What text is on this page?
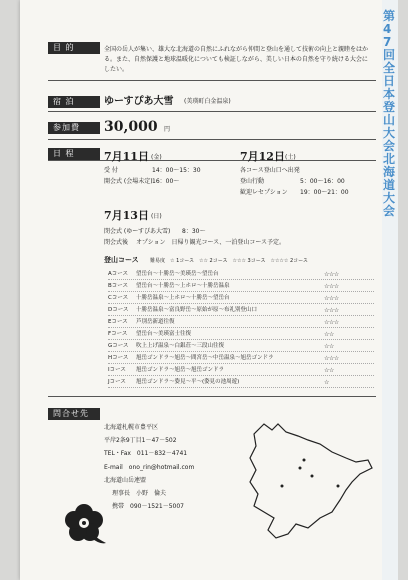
第47回全日本登山大会 北海道大会
目 的	全国の岳人が集い、雄大な北海道の自然にふれながら仲間と登山を通して技術の向上と親睦をはかる。また、自然保護と地球温暖化についても検証しながら、美しい日本の自然を守り続ける大会にしたい。
宿 泊	ゆーすぴあ大雪 (美瑛町白金温泉)
参加費	30,000 円
日 程	7月11日 (金)
受 付	14：00～15：30
開会式 (会場未定) 16：00～
7月12日 (土)
各コース登山口へ出発
登山行動	5：00～16：00
歓迎レセプション 19：00～21：00
7月13日 (日)
閉会式 (ゆーすぴあ大雪) 8：30～
閉会式後 オプション　日帰り観光コース、一泊登山コース予定。
登山コース 難易度　☆ 1コース　☆☆ 2コース　☆☆☆ 3コース　☆☆☆☆ 2コース
Aコース 望岳台～十勝岳～美瑛岳～望岳台	☆☆☆
Bコース 望岳台～十勝岳～上ホロ～十勝岳温泉	☆☆☆
Cコース 十勝岳温泉～上ホロ～十勝岳～望岳台	☆☆☆
Dコース 十勝岳温泉～富良野岳～原始が原～布礼別登山口	☆☆☆
Eコース 芦別岳新道往復	☆☆☆
Fコース 望岳台～美瑛富士往復	☆☆
Gコース 吹上上げ温泉～白銀荘～三段山往復	☆☆
Hコース 旭岳ゴンドラ～旭岳～間宮岳～中岳温泉～旭岳ゴンドラ	☆☆☆
Iコース 旭岳ゴンドラ～旭岳～旭岳ゴンドラ	☆☆
Jコース 旭岳ゴンドラ～姿見～平～(姿見の池周遊)	☆
問合せ先
北海道札幌市豊平区
平岸2条9丁目1－47－502
TEL・Fax　011－832－4741
E-mail　ono_rin@hotmail.com
北海道山岳連盟
理事長　小野　倫夫
携帯　090－1521－5007
